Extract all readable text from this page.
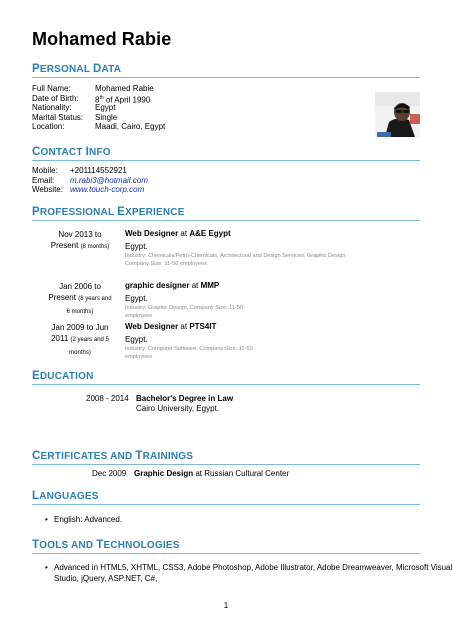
Mohamed Rabie
PERSONAL DATA
Full Name:	Mohamed Rabie
Date of Birth: 8th of April 1990
Nationality:	Egypt
Marital Status: Single
Location:	Maadi, Cairo, Egypt
CONTACT INFO
Mobile: +201114552921
Email: m.rabi3@hotmail.com
Website: www.touch-corp.com
PROFESSIONAL EXPERIENCE
Nov 2013 to
Present (8 months)
Web Designer at A&E Egypt
Egypt.
Industry: Chemicals/Petro-Chemicals, Architectural and Design Services, Graphic Design
Company Size: 11-50 employees
Jan 2006 to
Present (8 years and
6 months)
graphic designer at MMP
Egypt.
Industry: Graphic Design, Company Size: 11-50
employees
Jan 2009 to Jun
2011 (2 years and 5
months)
Web Designer at PTS4IT
Egypt.
Industry: Computer Software, Company Size: 11-50
employees
EDUCATION
2008 - 2014 Bachelor's Degree in Law
Cairo University, Egypt.
CERTIFICATES AND TRAININGS
Dec 2009 Graphic Design at Russian Cultural Center
LANGUAGES
• English: Advanced.
TOOLS AND TECHNOLOGIES
• Advanced in HTML5, XHTML, CSS3, Adobe Photoshop, Adobe Illustrator, Adobe Dreamweaver, Microsoft Visual
Studio, jQuery, ASP.NET, C#,
1
